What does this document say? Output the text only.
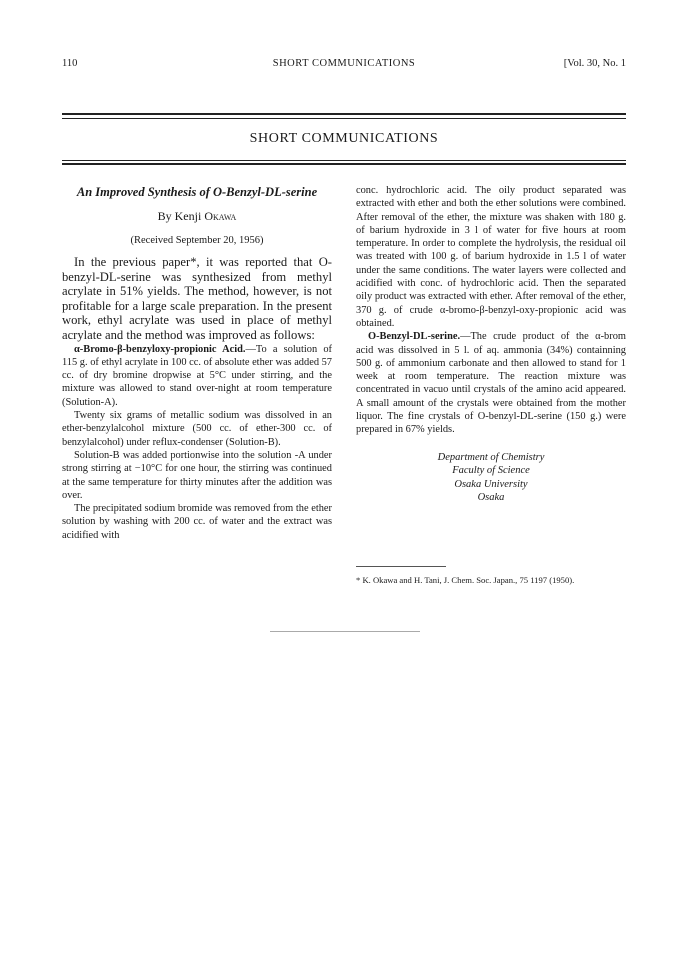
110	SHORT COMMUNICATIONS	[Vol. 30, No. 1
SHORT COMMUNICATIONS

An Improved Synthesis of O-Benzyl-DL-serine

By Kenji Okawa

(Received September 20, 1956)

In the previous paper*, it was reported that O-benzyl-DL-serine was synthesized from methyl acrylate in 51% yields. The method, however, is not profitable for a large scale preparation. In the present work, ethyl acrylate was used in place of methyl acrylate and the method was improved as follows:

α-Bromo-β-benzyloxy-propionic Acid.—To a solution of 115 g. of ethyl acrylate in 100 cc. of absolute ether was added 57 cc. of dry bromine dropwise at 5°C under stirring, and the mixture was allowed to stand over-night at room temperature (Solution-A).

Twenty six grams of metallic sodium was dissolved in an ether-benzylalcohol mixture (500 cc. of ether-300 cc. of benzylalcohol) under reflux-condenser (Solution-B).

Solution-B was added portionwise into the solution -A under strong stirring at −10°C for one hour, the stirring was continued at the same temperature for thirty minutes after the addition was over.

The precipitated sodium bromide was removed from the ether solution by washing with 200 cc. of water and the extract was acidified with

conc. hydrochloric acid. The oily product separated was extracted with ether and both the ether solutions were combined. After removal of the ether, the mixture was shaken with 180 g. of barium hydroxide in 3 l of water for five hours at room temperature. In order to complete the hydrolysis, the residual oil was treated with 100 g. of barium hydroxide in 1.5 l of water under the same conditions. The water layers were collected and acidified with conc. of hydrochloric acid. Then the separated oily product was extracted with ether. After removal of the ether, 370 g. of crude α-bromo-β-benzyl-oxy-propionic acid was obtained.

O-Benzyl-DL-serine.—The crude product of the α-brom acid was dissolved in 5 l. of aq. ammonia (34%) containning 500 g. of ammonium carbonate and then allowed to stand for 1 week at room temperature. The reaction mixture was concentrated in vacuo until crystals of the amino acid appeared. A small amount of the crystals were obtained from the mother liquor. The fine crystals of O-benzyl-DL-serine (150 g.) were prepared in 67% yields.

Department of Chemistry
Faculty of Science
Osaka University
Osaka

* K. Okawa and H. Tani, J. Chem. Soc. Japan., 75 1197 (1950).
